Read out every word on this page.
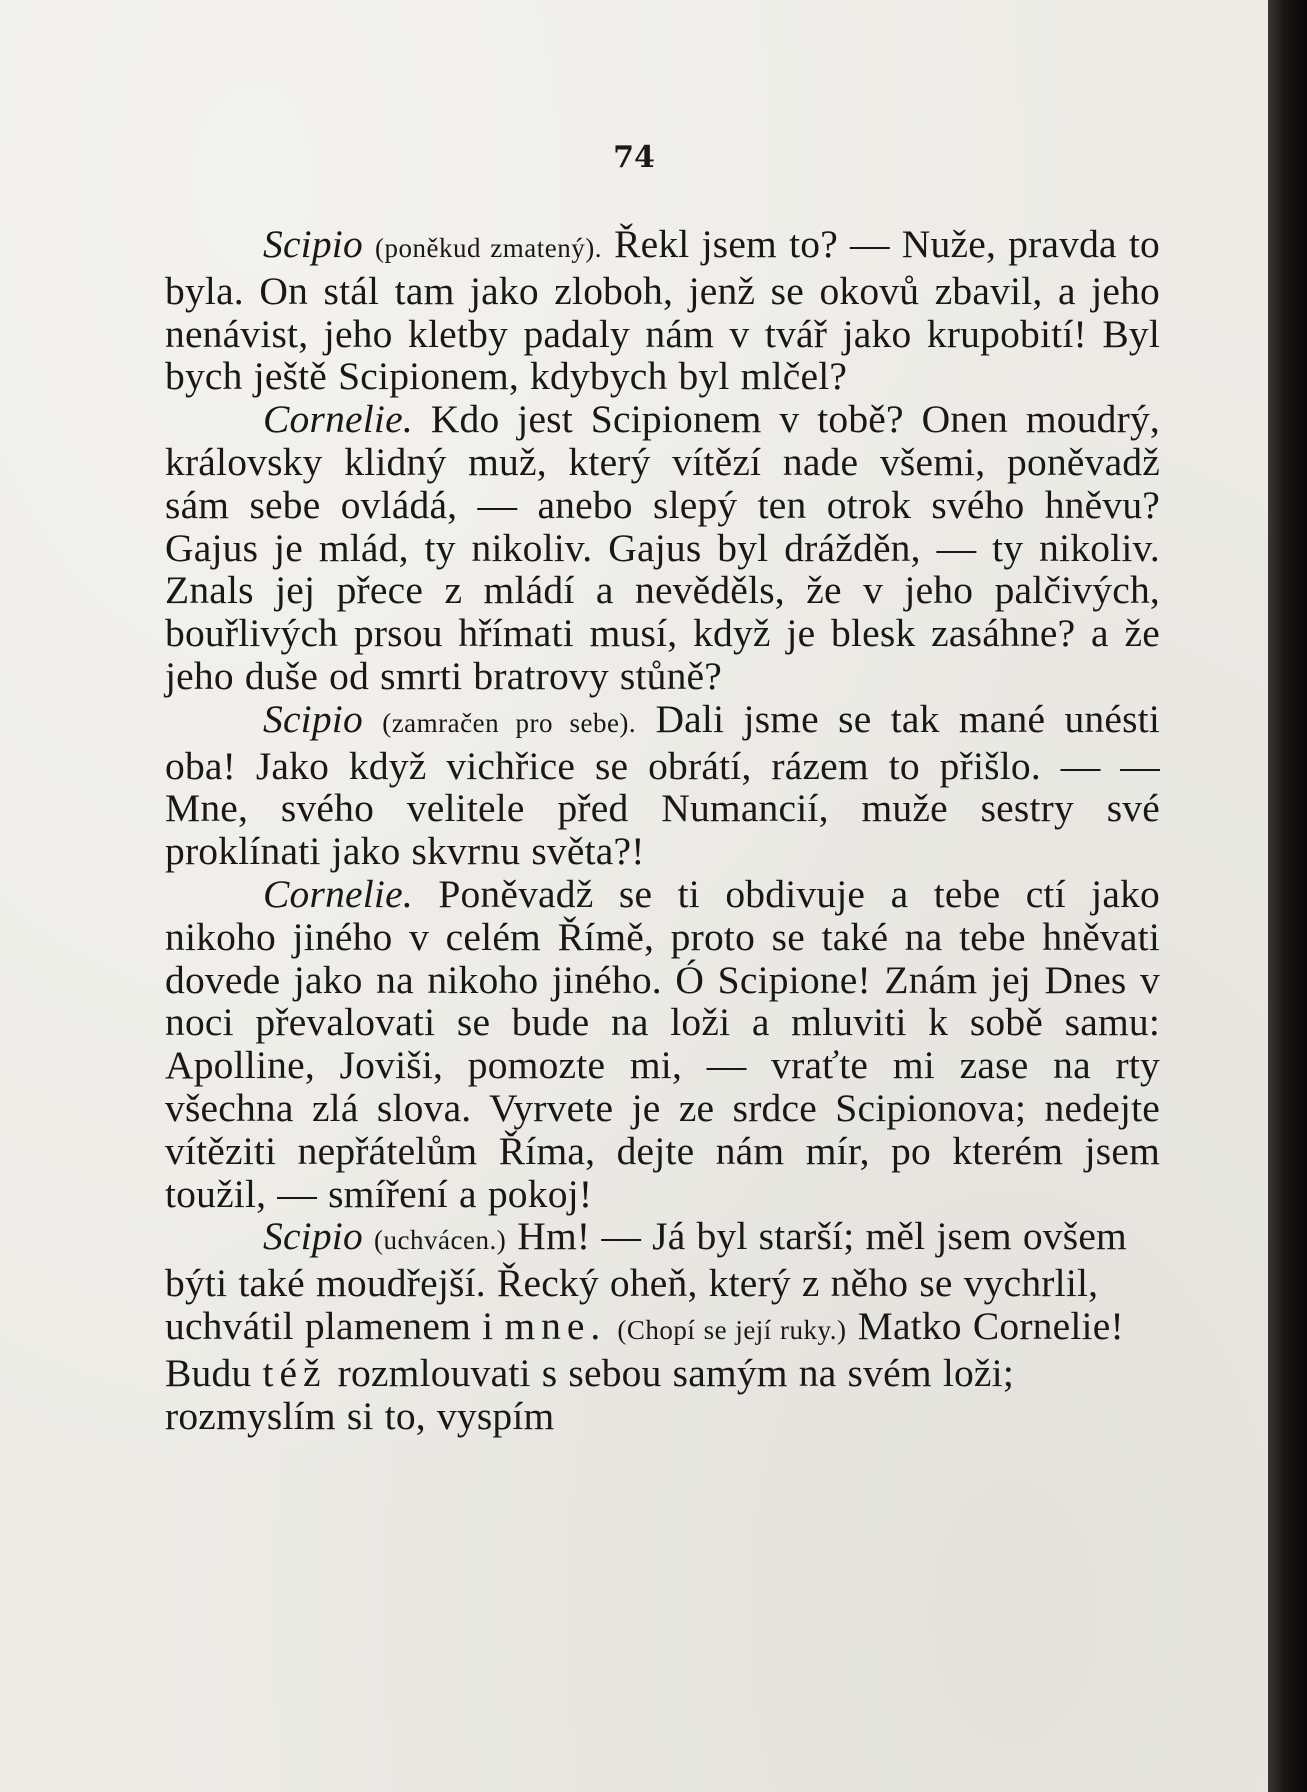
74

Scipio (poněkud zmatený). Řekl jsem to? — Nuže, pravda to byla. On stál tam jako zloboh, jenž se okovů zbavil, a jeho nenávist, jeho kletby padaly nám v tvář jako krupobití! Byl bych ještě Scipionem, kdybych byl mlčel?

Cornelie. Kdo jest Scipionem v tobě? Onen moudrý, královsky klidný muž, který vítězí nade všemi, poněvadž sám sebe ovládá, — anebo slepý ten otrok svého hněvu? Gajus je mlád, ty nikoliv. Gajus byl drážděn, — ty nikoliv. Znals jej přece z mládí a nevěděls, že v jeho palčivých, bouřlivých prsou hřímati musí, když je blesk zasáhne? a že jeho duše od smrti bratrovy stůně?

Scipio (zamračen pro sebe). Dali jsme se tak mané unésti oba! Jako když vichřice se obrátí, rázem to přišlo. — — Mne, svého velitele před Numancií, muže sestry své proklínati jako skvrnu světa?!

Cornelie. Poněvadž se ti obdivuje a tebe ctí jako nikoho jiného v celém Římě, proto se také na tebe hněvati dovede jako na nikoho jiného. Ó Scipione! Znám jej Dnes v noci převalovati se bude na loži a mluviti k sobě samu: Apolline, Joviši, pomozte mi, — vraťte mi zase na rty všechna zlá slova. Vyrvete je ze srdce Scipionova; nedejte vítěziti nepřátelům Říma, dejte nám mír, po kterém jsem toužil, — smíření a pokoj!

Scipio (uchvácen.) Hm! — Já byl starší; měl jsem ovšem býti také moudřejší. Řecký oheň, který z něho se vychrlil, uchvátil plamenem i mne. (Chopí se její ruky.) Matko Cornelie! Budu též rozmlouvati s sebou samým na svém loži; rozmyslím si to, vyspím
